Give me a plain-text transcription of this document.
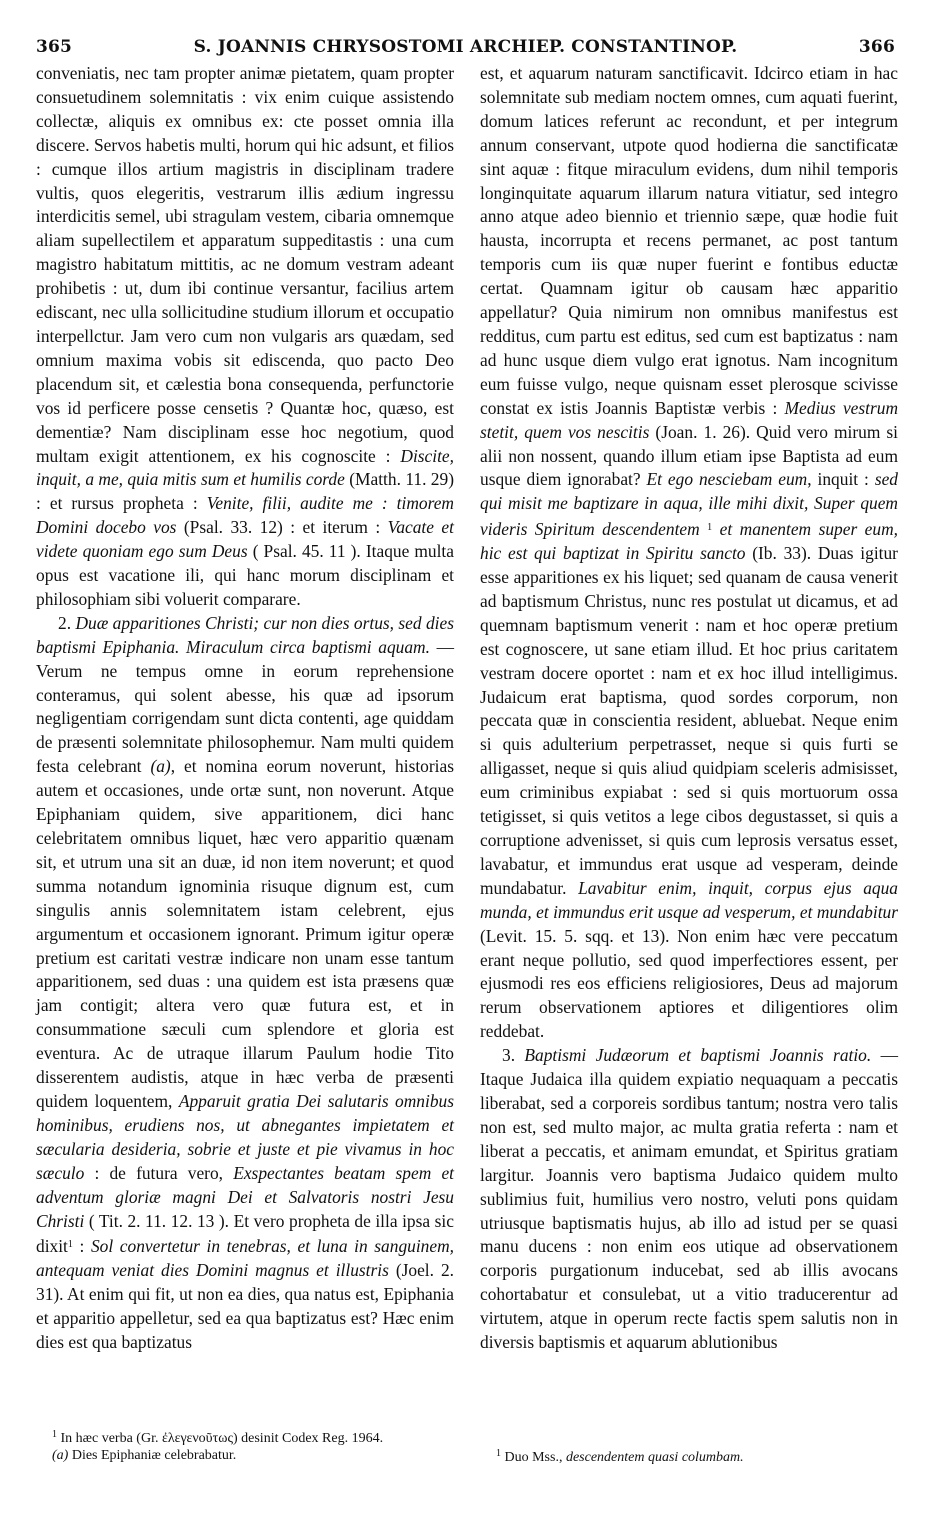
365	S. JOANNIS CHRYSOSTOMI ARCHIEP. CONSTANTINOP.	366

convenіatis, nec tam propter animæ pietatem, quam propter consuetudinem solemnitatis : vix enim cuique assistendo collectæ, aliquis ex omnibus ex: cte posset omnia illa discere. Servos habetis multi, horum qui hic adsunt, et filios : cumque illos artium magistris in disciplinam tradere vultis, quos elegeritis, vestrarum illis ædium ingressu interdicitis semel, ubi stragulam vestem, cibaria omnemque aliam supellectilem et apparatum suppeditastis : una cum magistro habitatum mittitis, ac ne domum vestram adeant prohibetis : ut, dum ibi continue versantur, facilius artem ediscant, nec ulla sollicitudine studium illorum et occupatio interpellctur. Jam vero cum non vulgaris ars quædam, sed omnium maxima vobis sit ediscenda, quo pacto Deo placendum sit, et cælestia bona consequenda, perfunctorie vos id perficere posse censetis ? Quantæ hoc, quæso, est dementiæ? Nam disciplinam esse hoc negotium, quod multam exigit attentionem, ex his cognoscite : Discite, inquit, a me, quia mitis sum et humilis corde (Matth. 11. 29) : et rursus propheta : Venite, filii, audite me : timorem Domini docebo vos (Psal. 33. 12) : et iterum : Vacate et videte quoniam ego sum Deus ( Psal. 45. 11 ). Itaque multa opus est vacatione ili, qui hanc morum disciplinam et philosophiam sibi voluerit comparare.

2. Duæ apparitiones Christi; cur non dies ortus, sed dies baptismi Epiphania. Miraculum circa baptismi aquam. — Verum ne tempus omne in eorum reprehensione conteramus, qui solent abesse, his quæ ad ipsorum negligentiam corrigendam sunt dicta contenti, age quiddam de præsenti solemnitate philosophemur. Nam multi quidem festa celebrant (a), et nomina eorum noverunt, historias autem et occasiones, unde ortæ sunt, non noverunt. Atque Epiphaniam quidem, sive apparitionem, dici hanc celebritatem omnibus liquet, hæc vero apparitio quænam sit, et utrum una sit an duæ, id non item noverunt; et quod summa notandum ignominia risuque dignum est, cum singulis annis solemnitatem istam celebrent, ejus argumentum et occasionem ignorant. Primum igitur operæ pretium est caritati vestræ indicare non unam esse tantum apparitionem, sed duas : una quidem est ista præsens quæ jam contigit; altera vero quæ futura est, et in consummatione sæculi cum splendore et gloria est eventura. Ac de utraque illarum Paulum hodie Tito disserentem audistis, atque in hæc verba de præsenti quidem loquentem, Apparuit gratia Dei salutaris omnibus hominibus, erudiens nos, ut abnegantes impietatem et sæcularia desideria, sobrie et juste et pie vivamus in hoc sæculo : de futura vero, Exspectantes beatam spem et adventum gloriæ magni Dei et Salvatoris nostri Jesu Christi ( Tit. 2. 11. 12. 13 ). Et vero propheta de illa ipsa sic dixit$^1$ : Sol convertetur in tenebras, et luna in sanguinem, antequam veniat dies Domini magnus et illustris (Joel. 2. 31). At enim qui fit, ut non ea dies, qua natus est, Epiphania et apparitio appelletur, sed ea qua baptizatus est? Hæc enim dies est qua baptizatus

est, et aquarum naturam sanctificavit. Idcirco etiam in hac solemnitate sub mediam noctem omnes, cum aquati fuerint, domum latices referunt ac recondunt, et per integrum annum conservant, utpote quod hodierna die sanctificatæ sint aquæ : fitque miraculum evidens, dum nihil temporis longinquitate aquarum illarum natura vitiatur, sed integro anno atque adeo biennio et triennio sæpe, quæ hodie fuit hausta, incorrupta et recens permanet, ac post tantum temporis cum iis quæ nuper fuerint e fontibus eductæ certat. Quamnam igitur ob causam hæc apparitio appellatur? Quia nimirum non omnibus manifestus est redditus, cum partu est editus, sed cum est baptizatus : nam ad hunc usque diem vulgo erat ignotus. Nam incognitum eum fuisse vulgo, neque quisnam esset plerosque scivisse constat ex istis Joannis Baptistæ verbis : Medius vestrum stetit, quem vos nescitis (Joan. 1. 26). Quid vero mirum si alii non nossent, quando illum etiam ipse Baptista ad eum usque diem ignorabat? Et ego nesciebam eum, inquit : sed qui misit me baptizare in aqua, ille mihi dixit, Super quem videris Spiritum descendentem $^1$ et manentem super eum, hic est qui baptizat in Spiritu sancto (Ib. 33). Duas igitur esse apparitiones ex his liquet; sed quanam de causa venerit ad baptismum Christus, nunc res postulat ut dicamus, et ad quemnam baptismum venerit : nam et hoc operæ pretium est cognoscere, ut sane etiam illud. Et hoc prius caritatem vestram docere oportet : nam et ex hoc illud intelligimus. Judaicum erat baptisma, quod sordes corporum, non peccata quæ in conscientia resident, abluebat. Neque enim si quis adulterium perpetrasset, neque si quis furti se alligasset, neque si quis aliud quidpiam sceleris admisisset, eum criminibus expiabat : sed si quis mortuorum ossa tetigisset, si quis vetitos a lege cibos degustasset, si quis a corruptione advenisset, si quis cum leprosis versatus esset, lavabatur, et immundus erat usque ad vesperam, deinde mundabatur. Lavabitur enim, inquit, corpus ejus aqua munda, et immundus erit usque ad vesperum, et mundabitur (Levit. 15. 5. sqq. et 13). Non enim hæc vere peccatum erant neque pollutio, sed quod imperfectiores essent, per ejusmodi res eos efficiens religiosiores, Deus ad majorum rerum observationem aptiores et diligentiores olim reddebat.

3. Baptismi Judæorum et baptismi Joannis ratio. — Itaque Judaica illa quidem expiatio nequaquam a peccatis liberabat, sed a corporeis sordibus tantum; nostra vero talis non est, sed multo major, ac multa gratia referta : nam et liberat a peccatis, et animam emundat, et Spiritus gratiam largitur. Joannis vero baptisma Judaico quidem multo sublimius fuit, humilius vero nostro, veluti pons quidam utriusque baptismatis hujus, ab illo ad istud per se quasi manu ducens : non enim eos utique ad observationem corporis purgationum inducebat, sed ab illis avocans cohortabatur et consulebat, ut a vitio traducerentur ad virtutem, atque in operum recte factis spem salutis non in diversis baptismis et aquarum ablutionibus

$^1$ In hæc verba (Gr. ἐλεγενοῦτως) desinit Codex Reg. 1964.

(a) Dies Epiphaniæ celebrabatur.	$^1$ Duo Mss., descendentem quasi columbam.
